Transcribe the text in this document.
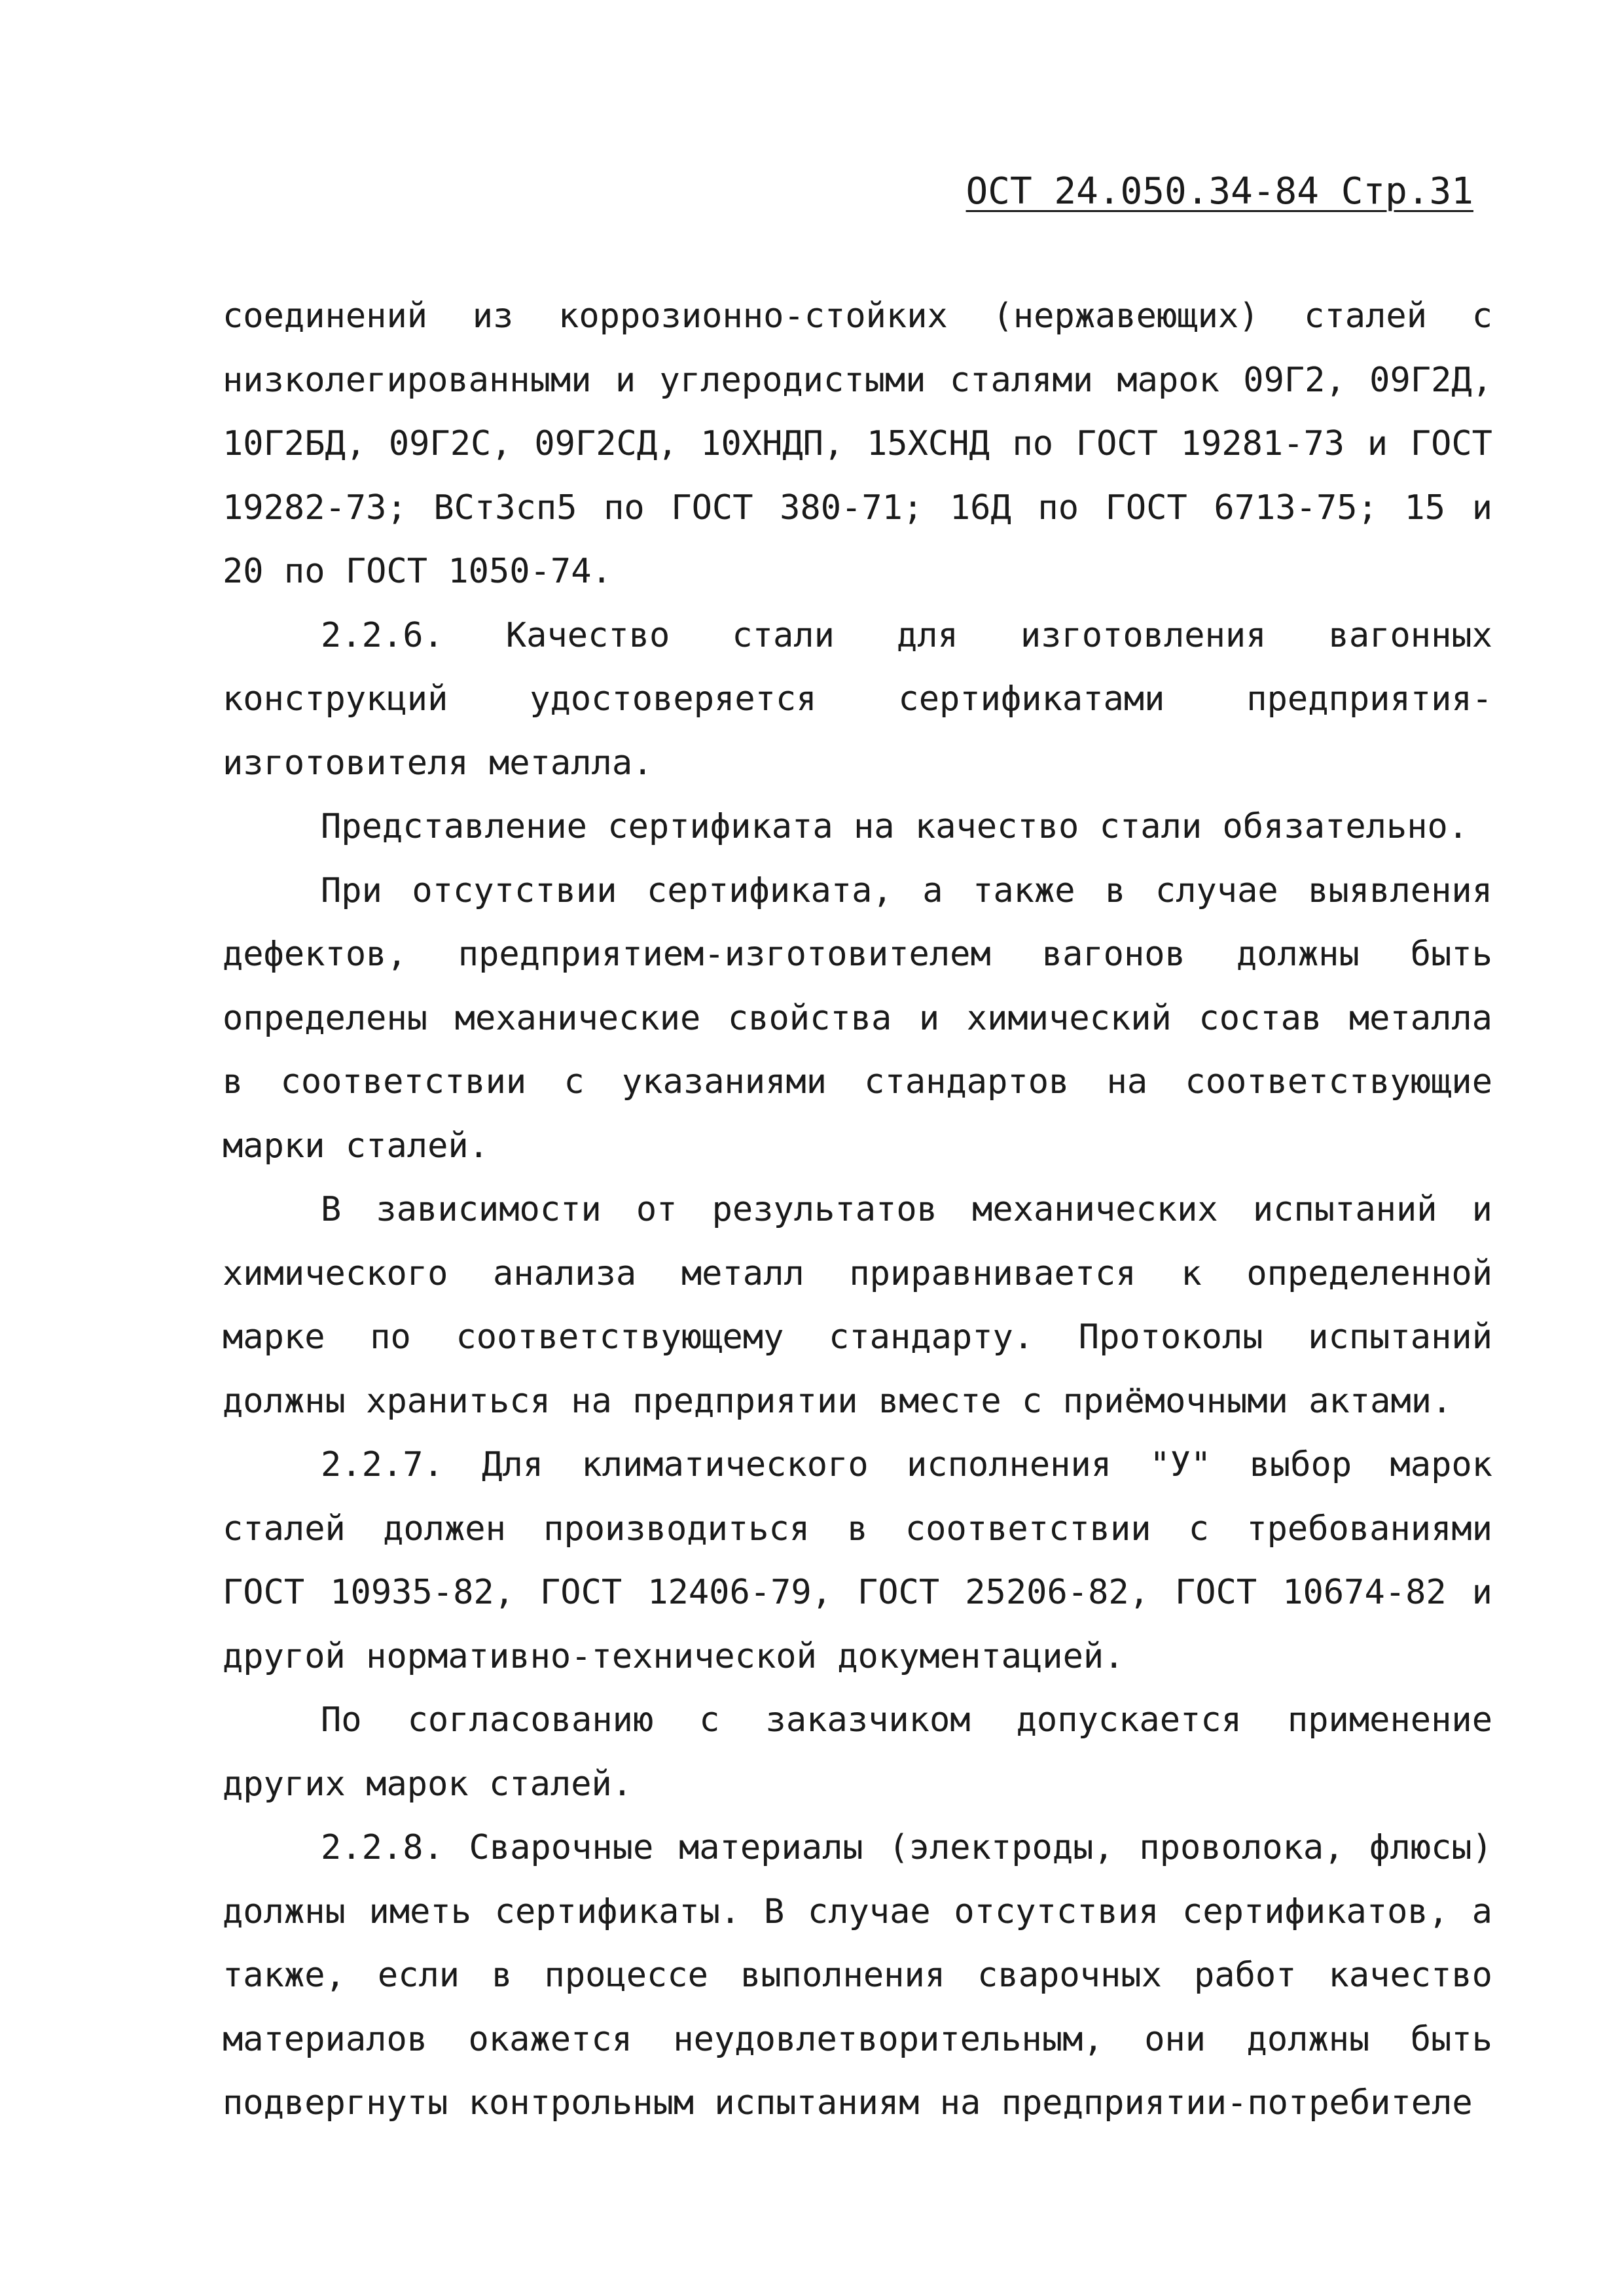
ОСТ 24.050.34-84 Стр.31

соединений из коррозионно-стойких (нержавеющих) сталей с низколегированными и углеродистыми сталями марок 09Г2, 09Г2Д, 10Г2БД, 09Г2С, 09Г2СД, 10ХНДП, 15ХСНД по ГОСТ 19281-73 и ГОСТ 19282-73; ВСт3сп5 по ГОСТ 380-71; 16Д по ГОСТ 6713-75; 15 и 20 по ГОСТ 1050-74.

2.2.6. Качество стали для изготовления вагонных конструкций удостоверяется сертификатами предприятия-изготовителя металла.

Представление сертификата на качество стали обязательно.

При отсутствии сертификата, а также в случае выявления дефектов, предприятием-изготовителем вагонов должны быть определены механические свойства и химический состав металла в соответствии с указаниями стандартов на соответствующие марки сталей.

В зависимости от результатов механических испытаний и химического анализа металл приравнивается к определенной марке по соответствующему стандарту. Протоколы испытаний должны храниться на предприятии вместе с приёмочными актами.

2.2.7. Для климатического исполнения "У" выбор марок сталей должен производиться в соответствии с требованиями ГОСТ 10935-82, ГОСТ 12406-79, ГОСТ 25206-82, ГОСТ 10674-82 и другой нормативно-технической документацией.

По согласованию с заказчиком допускается применение других марок сталей.

2.2.8. Сварочные материалы (электроды, проволока, флюсы) должны иметь сертификаты. В случае отсутствия сертификатов, а также, если в процессе выполнения сварочных работ качество материалов окажется неудовлетворительным, они должны быть подвергнуты контрольным испытаниям на предприятии-потребителе
